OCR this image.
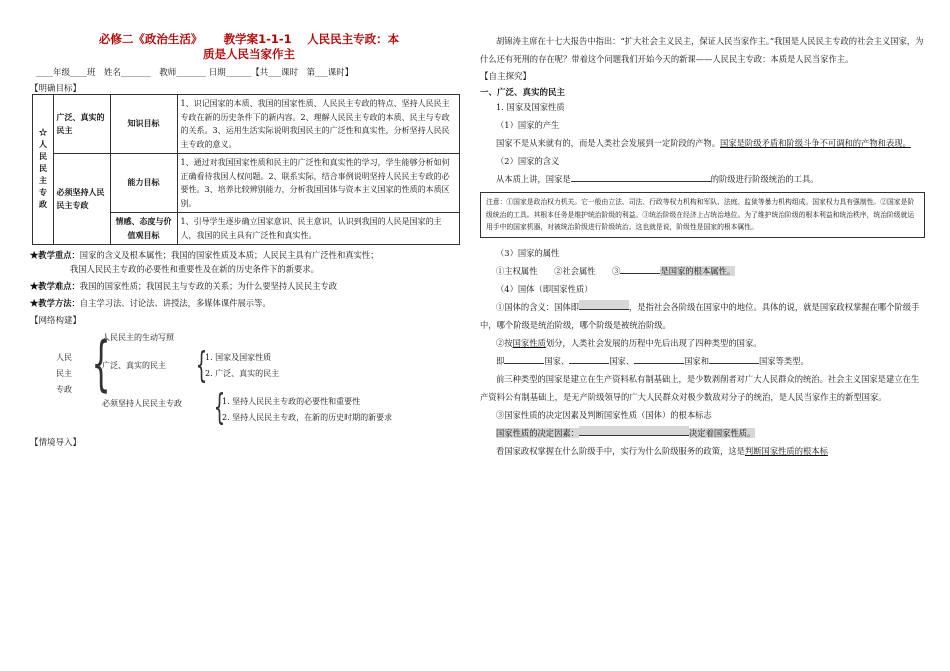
必修二《政治生活》　　 教学案1-1-1　 人民民主专政：本
质是人民当家作主
____年级____班　姓名_______　教师_______ 日期______【共___课时　第___课时】
【明确目标】
☆人民民主专政	广泛、真实的民主	知识目标	1、识记国家的本质、我国的国家性质、人民民主专政的特点、坚持人民民主专政在新的历史条件下的新内容。2、理解人民民主专政的本质、民主与专政的关系。3、运用生活实际说明我国民主的广泛性和真实性，分析坚持人民民主专政的意义。
	必须坚持人民民主专政	能力目标	1、通过对我国国家性质和民主的广泛性和真实性的学习，学生能够分析如何正确看待我国人权问题。2、联系实际，结合事例说明坚持人民民主专政的必要性。3、培养比较辨别能力，分析我国国体与资本主义国家的性质的本质区别。
		情感、态度与价值观目标	1、引导学生逐步确立国家意识、民主意识，认识到我国的人民是国家的主人，我国的民主具有广泛性和真实性。
★教学重点：国家的含义及根本属性；我国的国家性质及本质；人民民主具有广泛性和真实性；
我国人民民主专政的必要性和重要性及在新的历史条件下的新要求。
★教学难点：我国的国家性质；我国民主与专政的关系；为什么要坚持人民民主专政
★教学方法：自主学习法、讨论法、讲授法，多媒体课件展示等。
【网络构建】
人民
民主
专政 {
人民民主的生动写照
广泛、真实的民主 {
1. 国家及国家性质
2. 广泛、真实的民主
必须坚持人民民主专政 {
1. 坚持人民民主专政的必要性和重要性
2. 坚持人民民主专政，在新的历史时期的新要求
【情境导入】
胡锦涛主席在十七大报告中指出：“扩大社会主义民主，保证人民当家作主。”我国是人民民主专政的社会主义国家，为什么还有死刑的存在呢？带着这个问题我们开始今天的新课——人民民主专政：本质是人民当家作主。
【自主探究】
一、广泛、真实的民主
1. 国家及国家性质
（1）国家的产生
国家不是从来就有的，而是人类社会发展到一定阶段的产物。国家是阶级矛盾和阶级斗争不可调和的产物和表现。
（2）国家的含义
从本质上讲，国家是	的阶级进行阶级统治的工具。
注意：①国家是政治权力机关。它一般由立法、司法、行政等权力机构和军队、法庭、监狱等暴力机构组成。国家权力具有强制性。②国家是阶级统治的工具。其根本任务是维护统治阶级的利益。③统治阶级在经济上占统治地位。为了维护统治阶级的根本利益和统治秩序，统治阶级就运用手中的国家机器，对被统治阶级进行阶级统治。这也就是说，阶级性是国家的根本属性。
（3）国家的属性
①主权属性　　②社会属性　　③	是国家的根本属性。
（4）国体（即国家性质）
①国体的含义：国体即	，是指社会各阶级在国家中的地位。具体的说，就是国家政权掌握在哪个阶级手中，哪个阶级是统治阶级，哪个阶级是被统治阶级。
②按国家性质划分，人类社会发展的历程中先后出现了四种类型的国家。
即	国家、	国家、	国家和	国家等类型。
前三种类型的国家是建立在生产资料私有制基础上，是少数剥削者对广大人民群众的统治。社会主义国家是建立在生产资料公有制基础上，是无产阶级领导的广大人民群众对极少数敌对分子的统治，是人民当家作主的新型国家。
③国家性质的决定因素及判断国家性质（国体）的根本标志
国家性质的决定因素：	决定着国家性质。
看国家政权掌握在什么阶级手中，实行为什么阶级服务的政策，这是判断国家性质的根本标
